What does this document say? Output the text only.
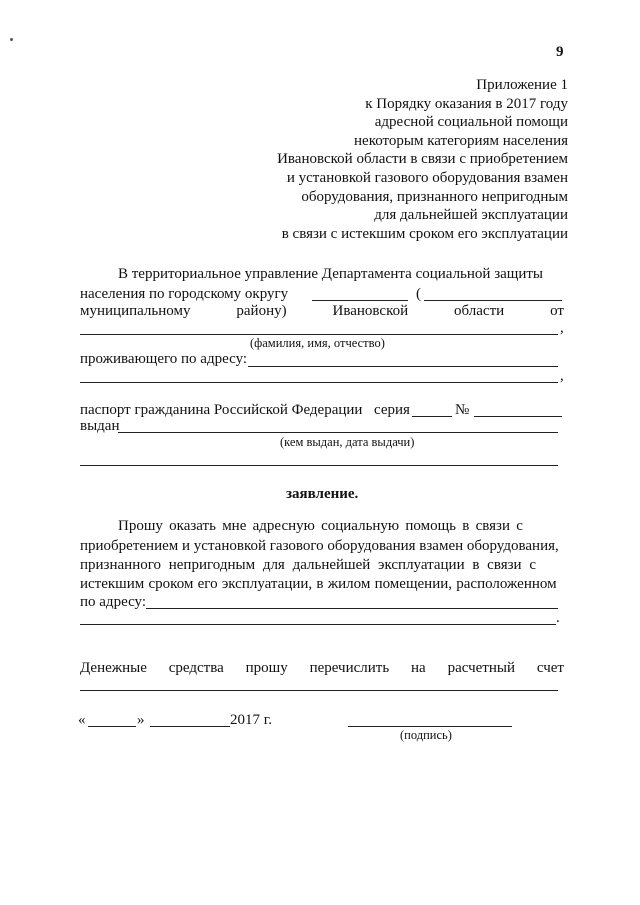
9
Приложение 1
к Порядку оказания в 2017 году
адресной социальной помощи
некоторым категориям населения
Ивановской области в связи с приобретением
и установкой газового оборудования взамен
оборудования, признанного непригодным
для дальнейшей эксплуатации
в связи с истекшим сроком его эксплуатации
В территориальное управление Департамента социальной защиты
населения по городскому округу	(
муниципальному	району)	Ивановской	области	от
,
(фамилия, имя, отчество)
проживающего по адресу:
,
паспорт гражданина Российской Федерации серия	№
выдан
(кем выдан, дата выдачи)
заявление.
Прошу оказать мне адресную социальную помощь в связи с
приобретением и установкой газового оборудования взамен оборудования,
признанного непригодным для дальнейшей эксплуатации в связи с
истекшим сроком его эксплуатации, в жилом помещении, расположенном
по адресу:
.
Денежные средства прошу перечислить на расчетный счет
«	»	2017 г.
(подпись)
